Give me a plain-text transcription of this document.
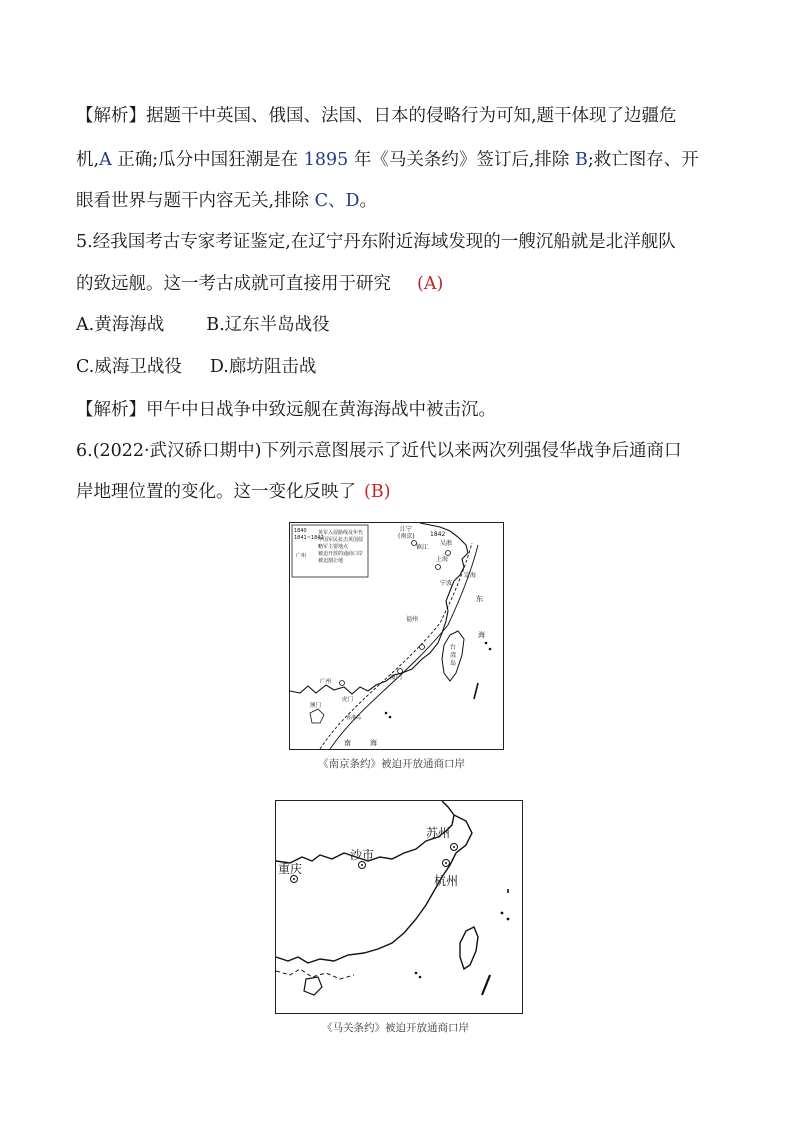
【解析】据题干中英国、俄国、法国、日本的侵略行为可知,题干体现了边疆危
机,A 正确;瓜分中国狂潮是在 1895 年《马关条约》签订后,排除 B;救亡图存、开
眼看世界与题干内容无关,排除 C、D。
5.经我国考古专家考证鉴定,在辽宁丹东附近海域发现的一艘沉船就是北洋舰队
的致远舰。这一考古成就可直接用于研究 (A)
A.黄海海战 B.辽东半岛战役
C.威海卫战役 D.廊坊阻击战
【解析】甲午中日战争中致远舰在黄海海战中被击沉。
6.(2022·武汉硚口期中)下列示意图展示了近代以来两次列强侵华战争后通商口
岸地理位置的变化。这一变化反映了 (B)
1840
1841~1842
英军入侵路线及年代
中国军民抗击英国侵
略军主要地点
被迫开放的通商口岸
被迫割让地
广州
江宁
(南京)	1842
镇江
吴淞
上海
宁波
定海
东
福州
海
厦门
台
湾
岛
广州
虎门
澳门
香港岛
南	海
《南京条约》被迫开放通商口岸
苏州
沙市
重庆
杭州
《马关条约》被迫开放通商口岸
